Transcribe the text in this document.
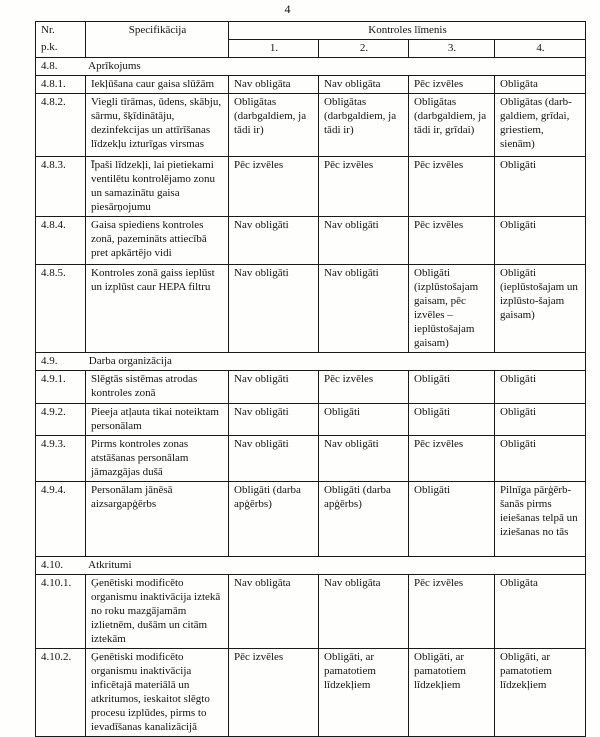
4
Nr.
p.k.	Specifikācija	Kontroles līmenis			
		1.	2.	3.	4.
4.8. Aprīkojums					
4.8.1.	Iekļūšana caur gaisa slūžām	Nav obligāta	Nav obligāta	Pēc izvēles	Obligāta
4.8.2.	Viegli tīrāmas, ūdens, skābju, sārmu, šķīdinātāju, dezinfekcijas un attīrīšanas līdzekļu izturīgas virsmas	Obligātas (darbgaldiem, ja tādi ir)	Obligātas (darbgaldiem, ja tādi ir)	Obligātas (darbgaldiem, ja tādi ir, grīdai)	Obligātas (darb-galdiem, grīdai, griestiem, sienām)
4.8.3.	Īpaši līdzekļi, lai pietiekami ventilētu kontrolējamo zonu un samazinātu gaisa piesārņojumu	Pēc izvēles	Pēc izvēles	Pēc izvēles	Obligāti
4.8.4.	Gaisa spiediens kontroles zonā, pazemināts attiecībā pret apkārtējo vidi	Nav obligāti	Nav obligāti	Pēc izvēles	Obligāti
4.8.5.	Kontroles zonā gaiss ieplūst un izplūst caur HEPA filtru	Nav obligāti	Nav obligāti	Obligāti (izplūstošajam gaisam, pēc izvēles – ieplūstošajam gaisam)	Obligāti (ieplūstošajam un izplūsto-šajam gaisam)
4.9. Darba organizācija					
4.9.1.	Slēgtās sistēmas atrodas kontroles zonā	Nav obligāti	Pēc izvēles	Obligāti	Obligāti
4.9.2.	Pieeja atļauta tikai noteiktam personālam	Nav obligāti	Obligāti	Obligāti	Obligāti
4.9.3.	Pirms kontroles zonas atstāšanas personālam jāmazgājas dušā	Nav obligāti	Nav obligāti	Pēc izvēles	Obligāti
4.9.4.	Personālam jānēsā aizsargapģērbs	Obligāti (darba apģērbs)	Obligāti (darba apģērbs)	Obligāti	Pilnīga pārģērb-šanās pirms ieiešanas telpā un iziešanas no tās
4.10. Atkritumi					
4.10.1.	Ģenētiski modificēto organismu inaktivācija iztekā no roku mazgājamām izlietnēm, dušām un citām iztekām	Nav obligāta	Nav obligāta	Pēc izvēles	Obligāta
4.10.2.	Ģenētiski modificēto organismu inaktivācija inficētajā materiālā un atkritumos, ieskaitot slēgto procesu izplūdes, pirms to ievadīšanas kanalizācijā	Pēc izvēles	Obligāti, ar pamatotiem līdzekļiem	Obligāti, ar pamatotiem līdzekļiem	Obligāti, ar pamatotiem līdzekļiem
